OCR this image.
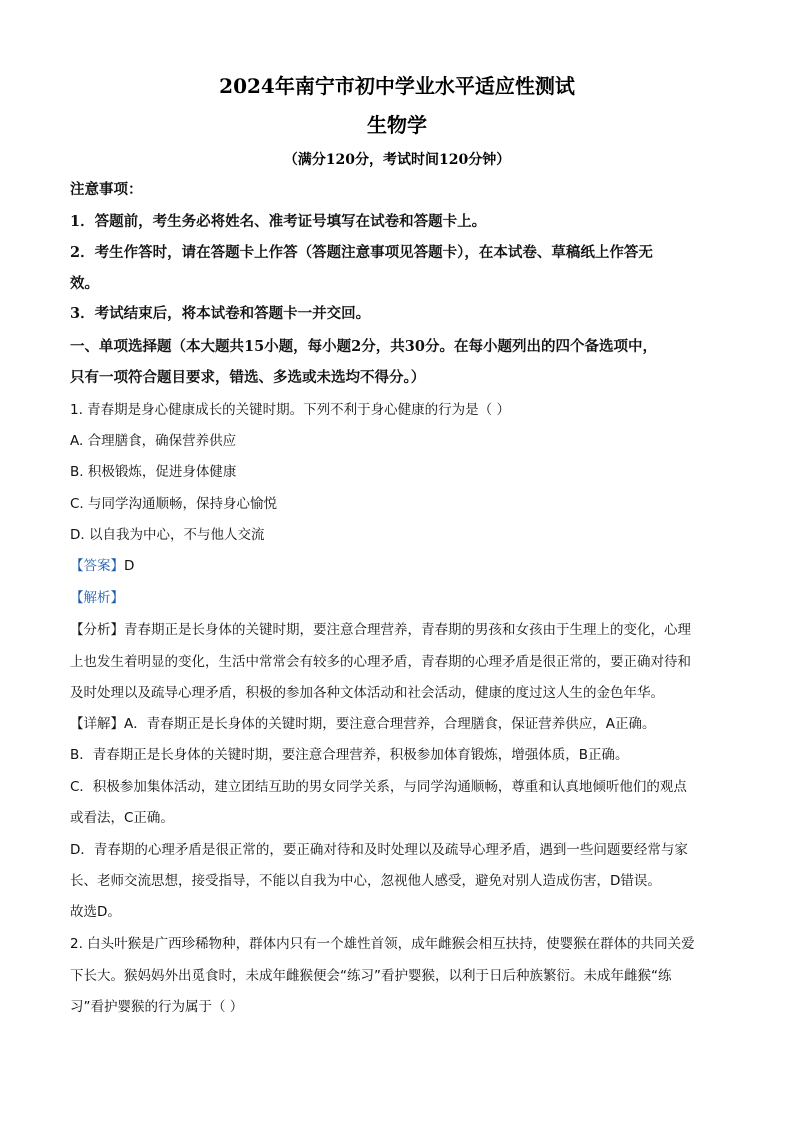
2024年南宁市初中学业水平适应性测试
生物学
（满分120分，考试时间120分钟）
注意事项：
1．答题前，考生务必将姓名、准考证号填写在试卷和答题卡上。
2．考生作答时，请在答题卡上作答（答题注意事项见答题卡），在本试卷、草稿纸上作答无
效。
3．考试结束后，将本试卷和答题卡一并交回。
一、单项选择题（本大题共15小题，每小题2分，共30分。在每小题列出的四个备选项中，
只有一项符合题目要求，错选、多选或未选均不得分。）
1. 青春期是身心健康成长的关键时期。下列不利于身心健康的行为是（ ）
A. 合理膳食，确保营养供应
B. 积极锻炼，促进身体健康
C. 与同学沟通顺畅，保持身心愉悦
D. 以自我为中心，不与他人交流
【答案】D
【解析】
【分析】青春期正是长身体的关键时期，要注意合理营养，青春期的男孩和女孩由于生理上的变化，心理
上也发生着明显的变化，生活中常常会有较多的心理矛盾，青春期的心理矛盾是很正常的，要正确对待和
及时处理以及疏导心理矛盾，积极的参加各种文体活动和社会活动，健康的度过这人生的金色年华。
【详解】A．青春期正是长身体的关键时期，要注意合理营养，合理膳食，保证营养供应，A正确。
B．青春期正是长身体的关键时期，要注意合理营养，积极参加体育锻炼，增强体质，B正确。
C．积极参加集体活动，建立团结互助的男女同学关系，与同学沟通顺畅，尊重和认真地倾听他们的观点
或看法，C正确。
D．青春期的心理矛盾是很正常的，要正确对待和及时处理以及疏导心理矛盾，遇到一些问题要经常与家
长、老师交流思想，接受指导，不能以自我为中心，忽视他人感受，避免对别人造成伤害，D错误。
故选D。
2. 白头叶猴是广西珍稀物种，群体内只有一个雄性首领，成年雌猴会相互扶持，使婴猴在群体的共同关爱
下长大。猴妈妈外出觅食时，未成年雌猴便会“练习”看护婴猴，以利于日后种族繁衍。未成年雌猴“练
习”看护婴猴的行为属于（ ）
